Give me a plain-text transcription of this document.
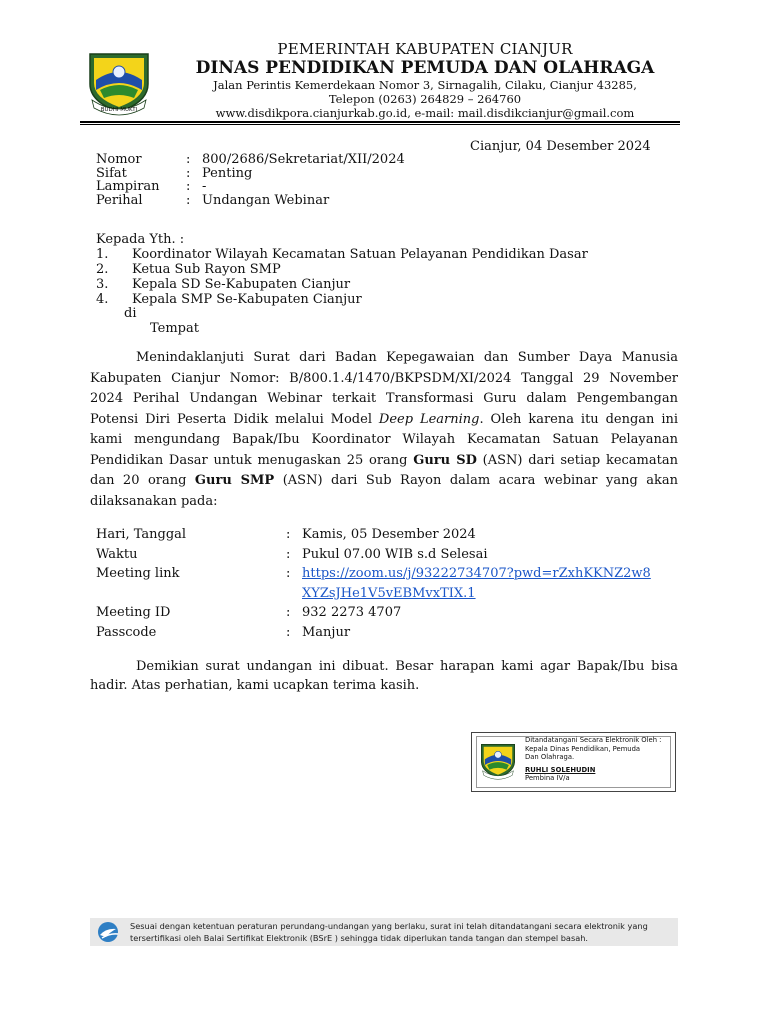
BUDHI MUKTI
PEMERINTAH KABUPATEN CIANJUR
DINAS PENDIDIKAN PEMUDA DAN OLAHRAGA
Jalan Perintis Kemerdekaan Nomor 3, Sirnagalih, Cilaku, Cianjur 43285,
Telepon (0263) 264829 – 264760
www.disdikpora.cianjurkab.go.id, e-mail: mail.disdikcianjur@gmail.com
Cianjur, 04 Desember 2024
Nomor	: 800/2686/Sekretariat/XII/2024
Sifat	: Penting
Lampiran	: -
Perihal	: Undangan Webinar
Kepada Yth. :
1.	Koordinator Wilayah Kecamatan Satuan Pelayanan Pendidikan Dasar
2.	Ketua Sub Rayon SMP
3.	Kepala SD Se-Kabupaten Cianjur
4.	Kepala SMP Se-Kabupaten Cianjur
di
Tempat
Menindaklanjuti Surat dari Badan Kepegawaian dan Sumber Daya Manusia Kabupaten Cianjur Nomor: B/800.1.4/1470/BKPSDM/XI/2024 Tanggal 29 November 2024 Perihal Undangan Webinar terkait Transformasi Guru dalam Pengembangan Potensi Diri Peserta Didik melalui Model Deep Learning. Oleh karena itu dengan ini kami mengundang Bapak/Ibu Koordinator Wilayah Kecamatan Satuan Pelayanan Pendidikan Dasar untuk menugaskan 25 orang Guru SD (ASN) dari setiap kecamatan dan 20 orang Guru SMP (ASN) dari Sub Rayon dalam acara webinar yang akan dilaksanakan pada:
Hari, Tanggal	: Kamis, 05 Desember 2024
Waktu	: Pukul 07.00 WIB s.d Selesai
Meeting link	: https://zoom.us/j/93222734707?pwd=rZxhKKNZ2w8
XYZsJHe1V5vEBMvxTIX.1
Meeting ID	: 932 2273 4707
Passcode	: Manjur
Demikian surat undangan ini dibuat. Besar harapan kami agar Bapak/Ibu bisa hadir. Atas perhatian, kami ucapkan terima kasih.
Ditandatangani Secara Elektronik Oleh :
Kepala Dinas Pendidikan, Pemuda
Dan Olahraga.
RUHLI SOLEHUDIN
Pembina IV/a
Sesuai dengan ketentuan peraturan perundang-undangan yang berlaku, surat ini telah ditandatangani secara elektronik yang
tersertifikasi oleh Balai Sertifikat Elektronik (BSrE ) sehingga tidak diperlukan tanda tangan dan stempel basah.
